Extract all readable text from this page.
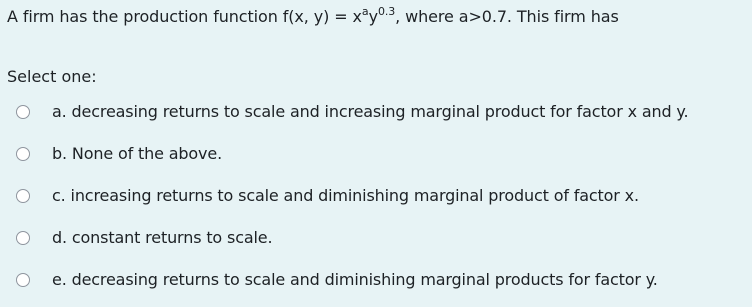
A firm has the production function f(x, $y) = x^ay^{0.3}$, where a>0.7. This firm has
Select one:
a. decreasing returns to scale and increasing marginal product for factor x and y.
b. None of the above.
c. increasing returns to scale and diminishing marginal product of factor x.
d. constant returns to scale.
e. decreasing returns to scale and diminishing marginal products for factor y.
